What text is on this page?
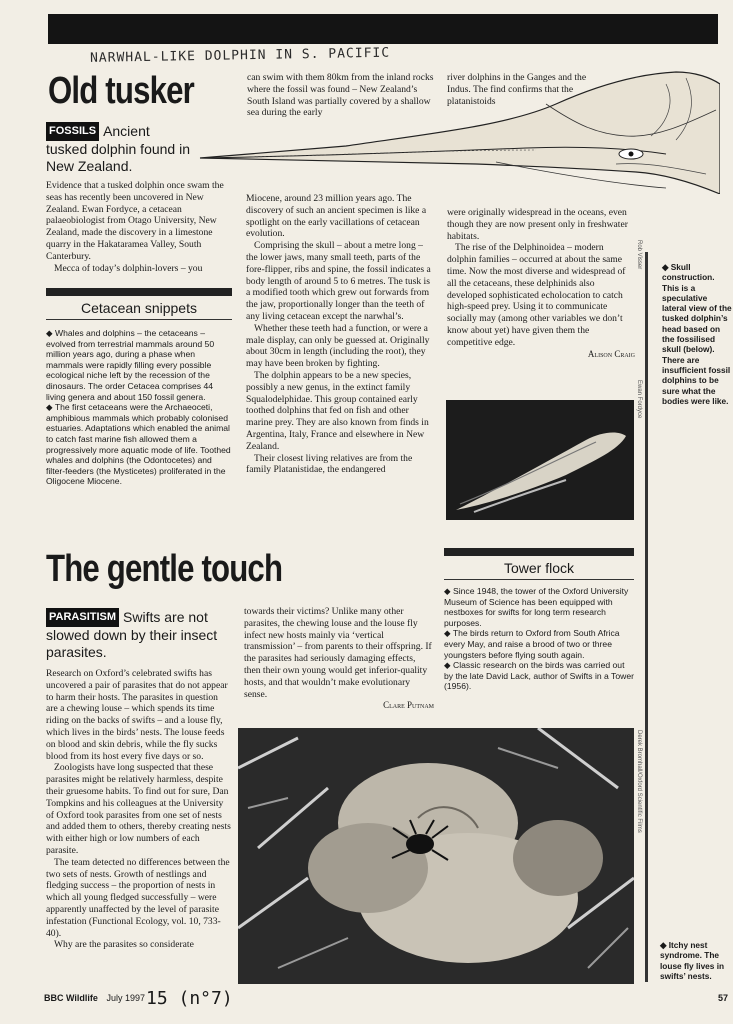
NARWHAL-LIKE DOLPHIN IN S. PACIFIC
Old tusker
FOSSILS Ancient tusked dolphin found in New Zealand.
can swim with them 80km from the inland rocks where the fossil was found – New Zealand’s South Island was partially covered by a shallow sea during the early
river dolphins in the Ganges and the Indus. The find confirms that the platanistoids

Evidence that a tusked dolphin once swam the seas has recently been uncovered in New Zealand. Ewan Fordyce, a cetacean palaeobiologist from Otago University, New Zealand, made the discovery in a limestone quarry in the Hakataramea Valley, South Canterbury.

Mecca of today’s dolphin-lovers – you

Miocene, around 23 million years ago. The discovery of such an ancient specimen is like a spotlight on the early vacillations of cetacean evolution.

Comprising the skull – about a metre long – the lower jaws, many small teeth, parts of the fore-flipper, ribs and spine, the fossil indicates a body length of around 5 to 6 metres. The tusk is a modified tooth which grew out forwards from the jaw, proportionally longer than the teeth of any living cetacean except the narwhal’s.

Whether these teeth had a function, or were a male display, can only be guessed at. Originally about 30cm in length (including the root), they may have been broken by fighting.

The dolphin appears to be a new species, possibly a new genus, in the extinct family Squalodelphidae. This group contained early toothed dolphins that fed on fish and other marine prey. They are also known from finds in Argentina, Italy, France and elsewhere in New Zealand.

Their closest living relatives are from the family Platanistidae, the endangered

were originally widespread in the oceans, even though they are now present only in freshwater habitats.

The rise of the Delphinoidea – modern dolphin families – occurred at about the same time. Now the most diverse and widespread of all the cetaceans, these delphinids also developed sophisticated echolocation to catch high-speed prey. Using it to communicate socially may (among other variables we don’t know about yet) have given them the competitive edge.

Alison Craig

Cetacean snippets

◆ Whales and dolphins – the cetaceans – evolved from terrestrial mammals around 50 million years ago, during a phase when mammals were rapidly filling every possible ecological niche left by the recession of the dinosaurs. The order Cetacea comprises 44 living genera and about 150 fossil genera.

◆ The first cetaceans were the Archaeoceti, amphibious mammals which probably colonised estuaries. Adaptations which enabled the animal to catch fast marine fish allowed them a progressively more aquatic mode of life. Toothed whales and dolphins (the Odontocetes) and filter-feeders (the Mysticetes) proliferated in the Oligocene Miocene.

Ewan Fordyce
Rob Visser ◆ Skull construction. This is a speculative lateral view of the tusked dolphin’s head based on the fossilised skull (below). There are insufficient fossil dolphins to be sure what the bodies were like.
The gentle touch
PARASITISM Swifts are not slowed down by their insect parasites.

Research on Oxford’s celebrated swifts has uncovered a pair of parasites that do not appear to harm their hosts. The parasites in question are a chewing louse – which spends its time riding on the backs of swifts – and a louse fly, which lives in the birds’ nests. The louse feeds on blood and skin debris, while the fly sucks blood from its host every five days or so.

Zoologists have long suspected that these parasites might be relatively harmless, despite their gruesome habits. To find out for sure, Dan Tompkins and his colleagues at the University of Oxford took parasites from one set of nests and added them to others, thereby creating nests with either high or low numbers of each parasite.

The team detected no differences between the two sets of nests. Growth of nestlings and fledging success – the proportion of nests in which all young fledged successfully – were apparently unaffected by the level of parasite infestation (Functional Ecology, vol. 10, 733-40).

Why are the parasites so considerate

towards their victims? Unlike many other parasites, the chewing louse and the louse fly infect new hosts mainly via ‘vertical transmission’ – from parents to their offspring. If the parasites had seriously damaging effects, then their own young would get inferior-quality hosts, and that wouldn’t make evolutionary sense.

Clare Putnam

Tower flock

◆ Since 1948, the tower of the Oxford University Museum of Science has been equipped with nestboxes for swifts for long term research purposes.

◆ The birds return to Oxford from South Africa every May, and raise a brood of two or three youngsters before flying south again.

◆ Classic research on the birds was carried out by the late David Lack, author of Swifts in a Tower (1956).

Derek Bromhall/Oxford Scientific Films
◆ Itchy nest syndrome. The louse fly lives in swifts’ nests.
BBC Wildlife July 1997 15 (n°7)	57
